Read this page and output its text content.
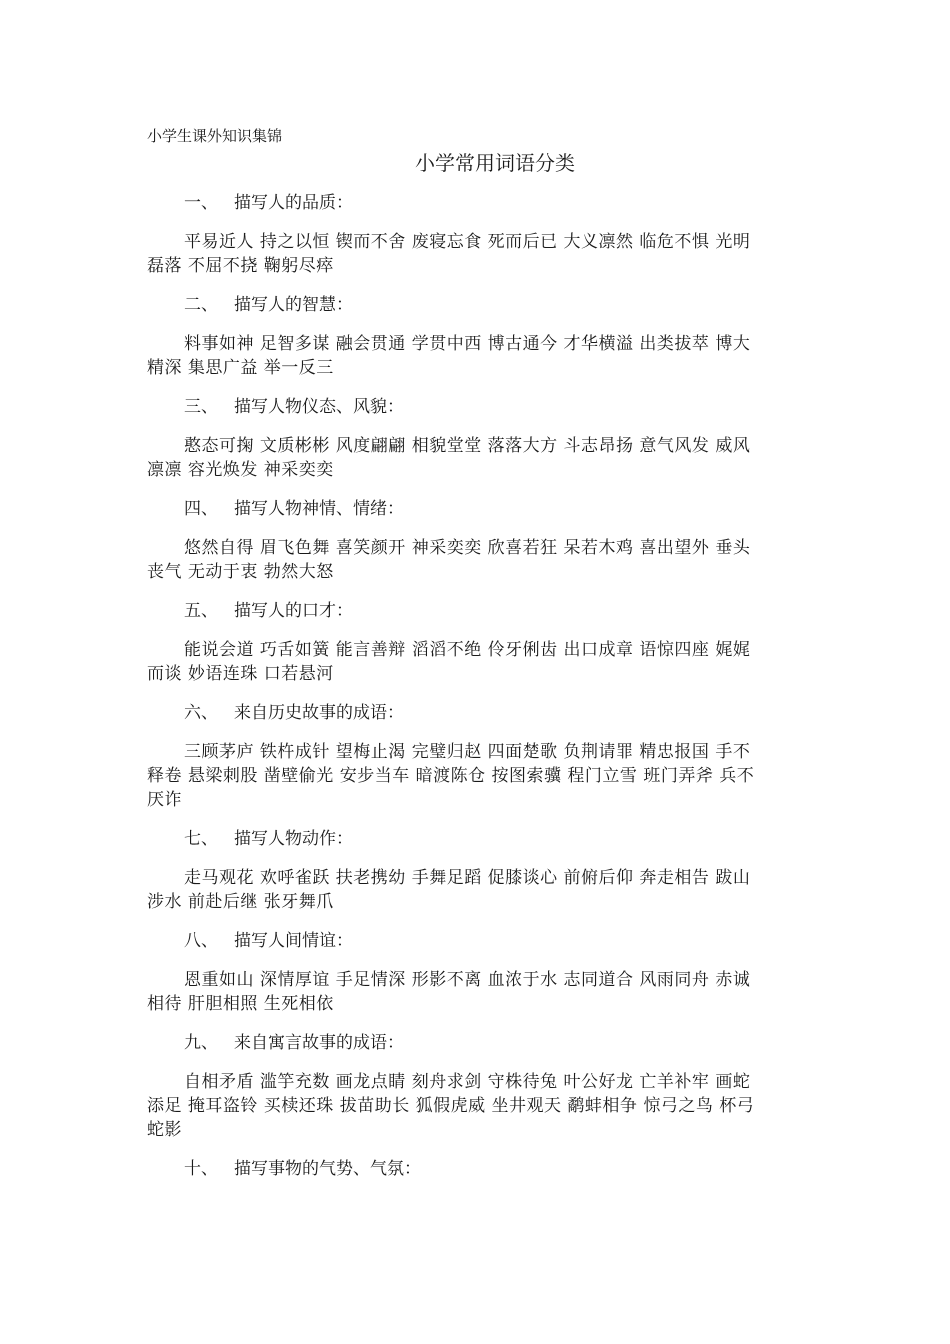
小学生课外知识集锦
小学常用词语分类
一、 描写人的品质：
平易近人 持之以恒 锲而不舍 废寝忘食 死而后已 大义凛然 临危不惧 光明
磊落 不屈不挠 鞠躬尽瘁
二、 描写人的智慧：
料事如神 足智多谋 融会贯通 学贯中西 博古通今 才华横溢 出类拔萃 博大
精深 集思广益 举一反三
三、 描写人物仪态、风貌：
憨态可掬 文质彬彬 风度翩翩 相貌堂堂 落落大方 斗志昂扬 意气风发 威风
凛凛 容光焕发 神采奕奕
四、 描写人物神情、情绪：
悠然自得 眉飞色舞 喜笑颜开 神采奕奕 欣喜若狂 呆若木鸡 喜出望外 垂头
丧气 无动于衷 勃然大怒
五、 描写人的口才：
能说会道 巧舌如簧 能言善辩 滔滔不绝 伶牙俐齿 出口成章 语惊四座 娓娓
而谈 妙语连珠 口若悬河
六、 来自历史故事的成语：
三顾茅庐 铁杵成针 望梅止渴 完璧归赵 四面楚歌 负荆请罪 精忠报国 手不
释卷 悬梁刺股 凿壁偷光 安步当车 暗渡陈仓 按图索骥 程门立雪 班门弄斧 兵不
厌诈
七、 描写人物动作：
走马观花 欢呼雀跃 扶老携幼 手舞足蹈 促膝谈心 前俯后仰 奔走相告 跋山
涉水 前赴后继 张牙舞爪
八、 描写人间情谊：
恩重如山 深情厚谊 手足情深 形影不离 血浓于水 志同道合 风雨同舟 赤诚
相待 肝胆相照 生死相依
九、 来自寓言故事的成语：
自相矛盾 滥竽充数 画龙点睛 刻舟求剑 守株待兔 叶公好龙 亡羊补牢 画蛇
添足 掩耳盗铃 买椟还珠 拔苗助长 狐假虎威 坐井观天 鹬蚌相争 惊弓之鸟 杯弓
蛇影
十、 描写事物的气势、气氛：
